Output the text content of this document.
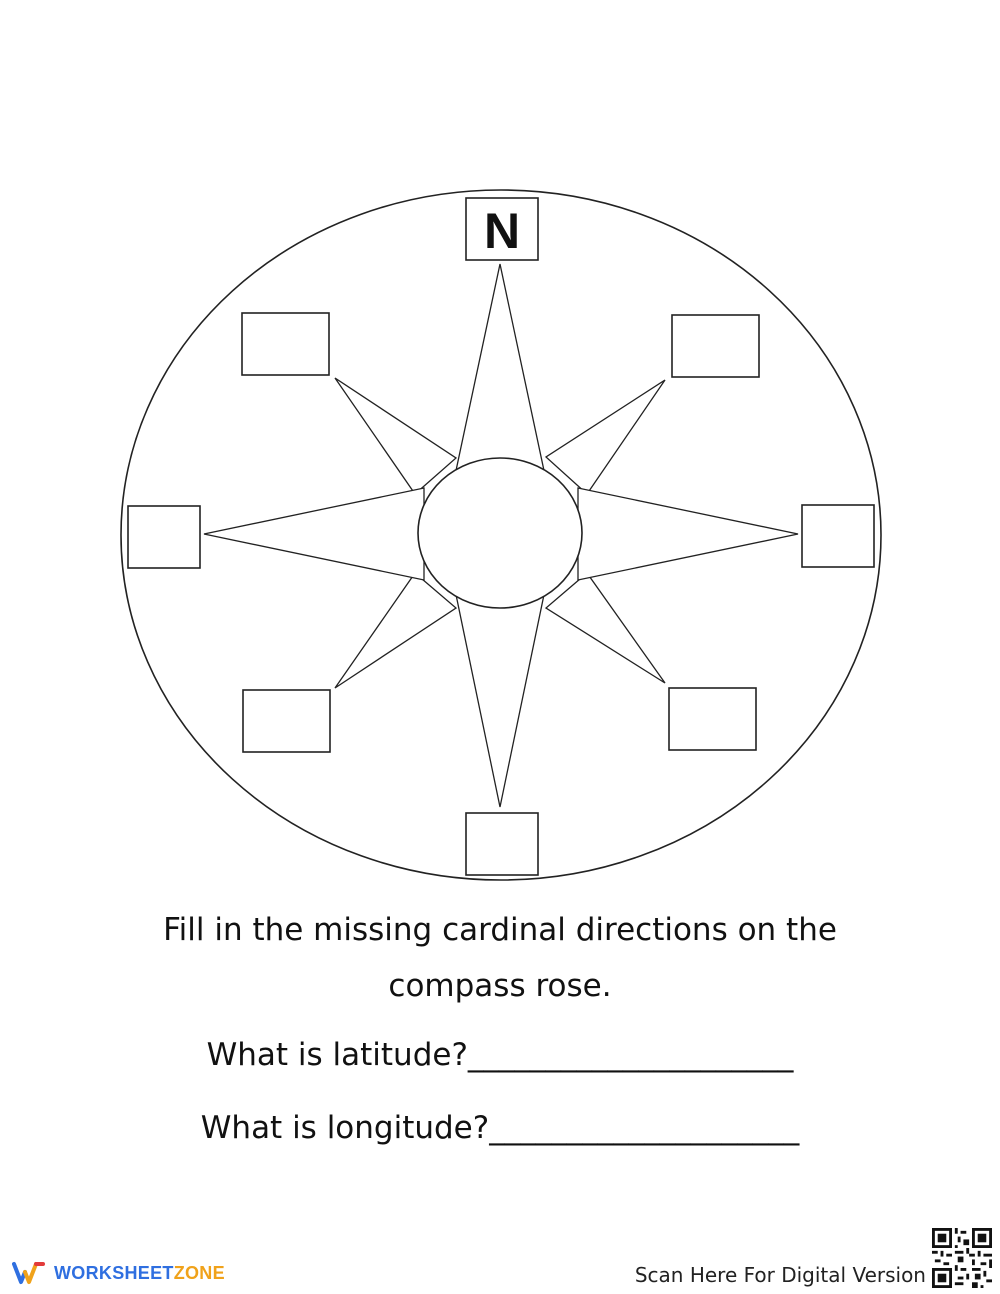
N
Fill in the missing cardinal directions on the
compass rose.
What is latitude?_____________________
What is longitude?____________________
WORKSHEETZONE	Scan Here For Digital Version
